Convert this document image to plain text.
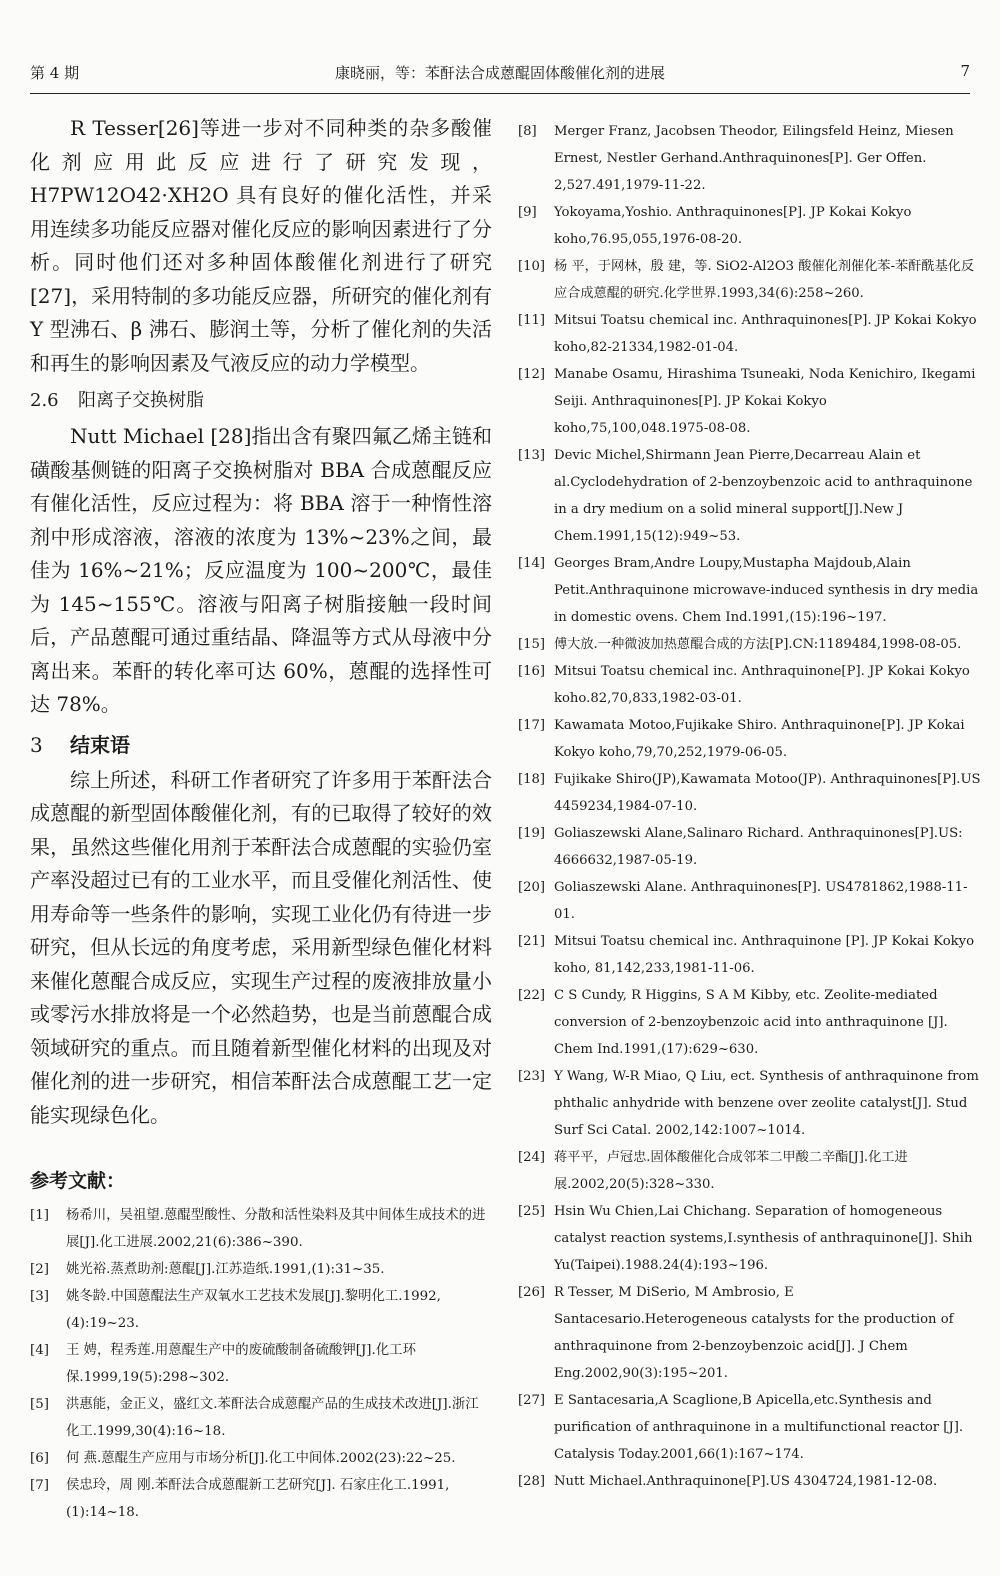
第 4 期	康晓丽，等：苯酐法合成蒽醌固体酸催化剂的进展	7

R Tesser[26]等进一步对不同种类的杂多酸催化剂应用此反应进行了研究发现，H7PW12O42·XH2O 具有良好的催化活性，并采用连续多功能反应器对催化反应的影响因素进行了分析。同时他们还对多种固体酸催化剂进行了研究[27]，采用特制的多功能反应器，所研究的催化剂有 Y 型沸石、β 沸石、膨润土等，分析了催化剂的失活和再生的影响因素及气液反应的动力学模型。

2.6 阳离子交换树脂

Nutt Michael [28]指出含有聚四氟乙烯主链和磺酸基侧链的阳离子交换树脂对 BBA 合成蒽醌反应有催化活性，反应过程为：将 BBA 溶于一种惰性溶剂中形成溶液，溶液的浓度为 13%~23%之间，最佳为 16%~21%；反应温度为 100~200℃，最佳为 145~155℃。溶液与阳离子树脂接触一段时间后，产品蒽醌可通过重结晶、降温等方式从母液中分离出来。苯酐的转化率可达 60%，蒽醌的选择性可达 78%。

3 结束语

综上所述，科研工作者研究了许多用于苯酐法合成蒽醌的新型固体酸催化剂，有的已取得了较好的效果，虽然这些催化用剂于苯酐法合成蒽醌的实验仍室产率没超过已有的工业水平，而且受催化剂活性、使用寿命等一些条件的影响，实现工业化仍有待进一步研究，但从长远的角度考虑，采用新型绿色催化材料来催化蒽醌合成反应，实现生产过程的废液排放量小或零污水排放将是一个必然趋势，也是当前蒽醌合成领域研究的重点。而且随着新型催化材料的出现及对催化剂的进一步研究，相信苯酐法合成蒽醌工艺一定能实现绿色化。

参考文献：
[1] 杨希川，吴祖望.蒽醌型酸性、分散和活性染料及其中间体生成技术的进展[J].化工进展.2002,21(6):386~390.
[2] 姚光裕.蒸煮助剂:蒽醌[J].江苏造纸.1991,(1):31~35.
[3] 姚冬龄.中国蒽醌法生产双氧水工艺技术发展[J].黎明化工.1992,(4):19~23.
[4] 王 娉，程秀莲.用蒽醌生产中的废硫酸制备硫酸钾[J].化工环保.1999,19(5):298~302.
[5] 洪惠能，金正义，盛红文.苯酐法合成蒽醌产品的生成技术改进[J].浙江化工.1999,30(4):16~18.
[6] 何 燕.蒽醌生产应用与市场分析[J].化工中间体.2002(23):22~25.
[7] 侯忠玲，周 刚.苯酐法合成蒽醌新工艺研究[J]. 石家庄化工.1991,(1):14~18.
[8] Merger Franz, Jacobsen Theodor, Eilingsfeld Heinz, Miesen Ernest, Nestler Gerhand.Anthraquinones[P]. Ger Offen. 2,527.491,1979-11-22.
[9] Yokoyama,Yoshio. Anthraquinones[P]. JP Kokai Kokyo koho,76.95,055,1976-08-20.
[10] 杨 平，于网林，殷 建，等. SiO2-Al2O3 酸催化剂催化苯-苯酐酰基化反应合成蒽醌的研究.化学世界.1993,34(6):258~260.
[11] Mitsui Toatsu chemical inc. Anthraquinones[P]. JP Kokai Kokyo koho,82-21334,1982-01-04.
[12] Manabe Osamu, Hirashima Tsuneaki, Noda Kenichiro, Ikegami Seiji. Anthraquinones[P]. JP Kokai Kokyo koho,75,100,048.1975-08-08.
[13] Devic Michel,Shirmann Jean Pierre,Decarreau Alain et al.Cyclodehydration of 2-benzoybenzoic acid to anthraquinone in a dry medium on a solid mineral support[J].New J Chem.1991,15(12):949~53.
[14] Georges Bram,Andre Loupy,Mustapha Majdoub,Alain Petit.Anthraquinone microwave-induced synthesis in dry media in domestic ovens. Chem Ind.1991,(15):196~197.
[15] 傅大放.一种微波加热蒽醌合成的方法[P].CN:1189484,1998-08-05.
[16] Mitsui Toatsu chemical inc. Anthraquinone[P]. JP Kokai Kokyo koho.82,70,833,1982-03-01.
[17] Kawamata Motoo,Fujikake Shiro. Anthraquinone[P]. JP Kokai Kokyo koho,79,70,252,1979-06-05.
[18] Fujikake Shiro(JP),Kawamata Motoo(JP). Anthraquinones[P].US 4459234,1984-07-10.
[19] Goliaszewski Alane,Salinaro Richard. Anthraquinones[P].US: 4666632,1987-05-19.
[20] Goliaszewski Alane. Anthraquinones[P]. US4781862,1988-11-01.
[21] Mitsui Toatsu chemical inc. Anthraquinone [P]. JP Kokai Kokyo koho, 81,142,233,1981-11-06.
[22] C S Cundy, R Higgins, S A M Kibby, etc. Zeolite-mediated conversion of 2-benzoybenzoic acid into anthraquinone [J]. Chem Ind.1991,(17):629~630.
[23] Y Wang, W-R Miao, Q Liu, ect. Synthesis of anthraquinone from phthalic anhydride with benzene over zeolite catalyst[J]. Stud Surf Sci Catal. 2002,142:1007~1014.
[24] 蒋平平，卢冠忠.固体酸催化合成邻苯二甲酸二辛酯[J].化工进展.2002,20(5):328~330.
[25] Hsin Wu Chien,Lai Chichang. Separation of homogeneous catalyst reaction systems,I.synthesis of anthraquinone[J]. Shih Yu(Taipei).1988.24(4):193~196.
[26] R Tesser, M DiSerio, M Ambrosio, E Santacesario.Heterogeneous catalysts for the production of anthraquinone from 2-benzoybenzoic acid[J]. J Chem Eng.2002,90(3):195~201.
[27] E Santacesaria,A Scaglione,B Apicella,etc.Synthesis and purification of anthraquinone in a multifunctional reactor [J]. Catalysis Today.2001,66(1):167~174.
[28] Nutt Michael.Anthraquinone[P].US 4304724,1981-12-08.
